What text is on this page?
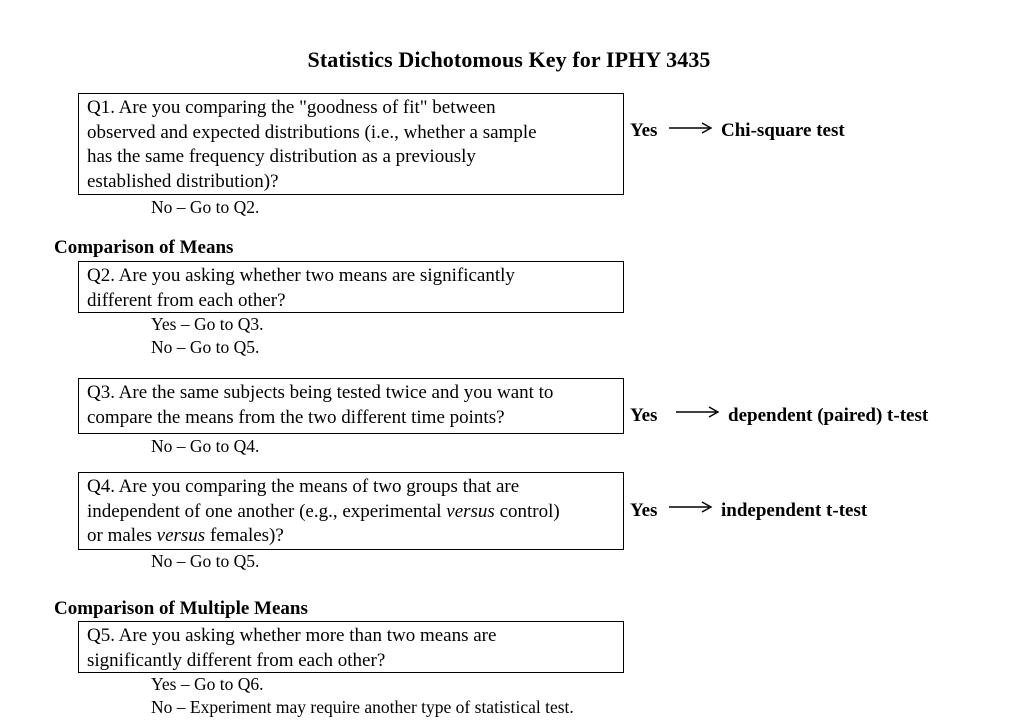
Statistics Dichotomous Key for IPHY 3435
Q1. Are you comparing the "goodness of fit" between
observed and expected distributions (i.e., whether a sample
has the same frequency distribution as a previously
established distribution)?
No – Go to Q2.
Yes	Chi-square test
Comparison of Means
Q2. Are you asking whether two means are significantly
different from each other?
Yes – Go to Q3.
No – Go to Q5.
Q3. Are the same subjects being tested twice and you want to
compare the means from the two different time points?
No – Go to Q4.
Yes	dependent (paired) t-test
Q4. Are you comparing the means of two groups that are
independent of one another (e.g., experimental versus control)
or males versus females)?
No – Go to Q5.
Yes	independent t-test
Comparison of Multiple Means
Q5. Are you asking whether more than two means are
significantly different from each other?
Yes – Go to Q6.
No – Experiment may require another type of statistical test.
